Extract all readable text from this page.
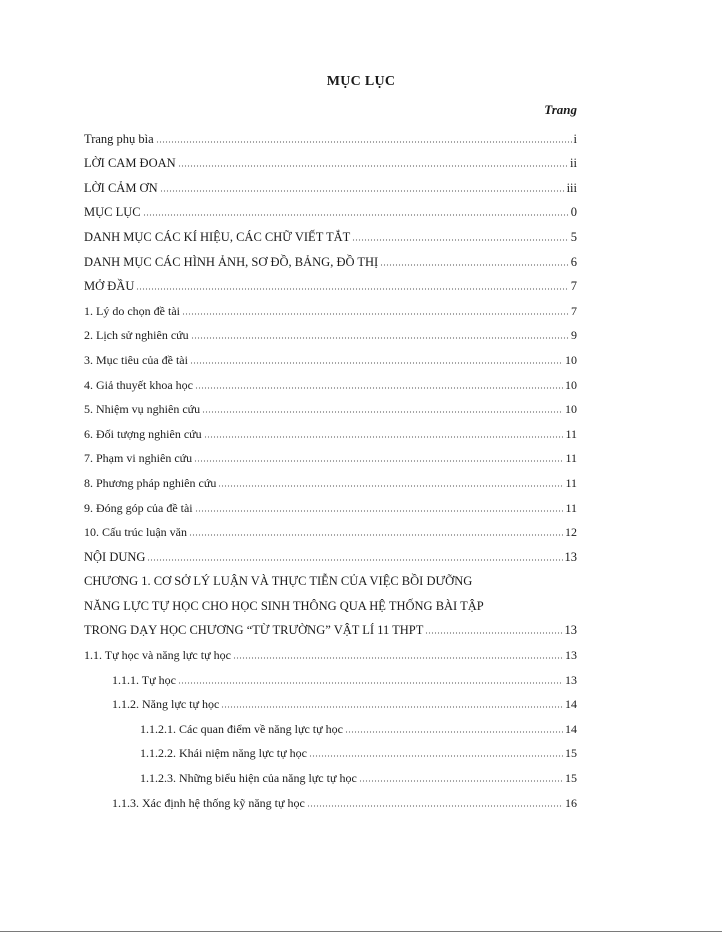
MỤC LỤC
Trang
Trang phụ bìa	i
LỜI CAM ĐOAN	ii
LỜI CẢM ƠN	iii
MỤC LỤC	0
DANH MỤC CÁC KÍ HIỆU, CÁC CHỮ VIẾT TẮT	5
DANH MỤC CÁC HÌNH ẢNH, SƠ ĐỒ, BẢNG, ĐỒ THỊ	6
MỞ ĐẦU	7
1. Lý do chọn đề tài	7
2. Lịch sử nghiên cứu	9
3. Mục tiêu của đề tài	10
4. Giả thuyết khoa học	10
5. Nhiệm vụ nghiên cứu	10
6. Đối tượng nghiên cứu	11
7. Phạm vi nghiên cứu	11
8. Phương pháp nghiên cứu	11
9. Đóng góp của đề tài	11
10. Cấu trúc luận văn	12
NỘI DUNG	13
CHƯƠNG 1. CƠ SỞ LÝ LUẬN VÀ THỰC TIỄN CỦA VIỆC BỒI DƯỠNG
NĂNG LỰC TỰ HỌC CHO HỌC SINH THÔNG QUA HỆ THỐNG BÀI TẬP
TRONG DẠY HỌC CHƯƠNG “TỪ TRƯỜNG” VẬT LÍ 11 THPT	13
1.1. Tự học và năng lực tự học	13
1.1.1. Tự học	13
1.1.2. Năng lực tự học	14
1.1.2.1. Các quan điểm về năng lực tự học	14
1.1.2.2. Khái niệm năng lực tự học	15
1.1.2.3. Những biểu hiện của năng lực tự học	15
1.1.3. Xác định hệ thống kỹ năng tự học	16
